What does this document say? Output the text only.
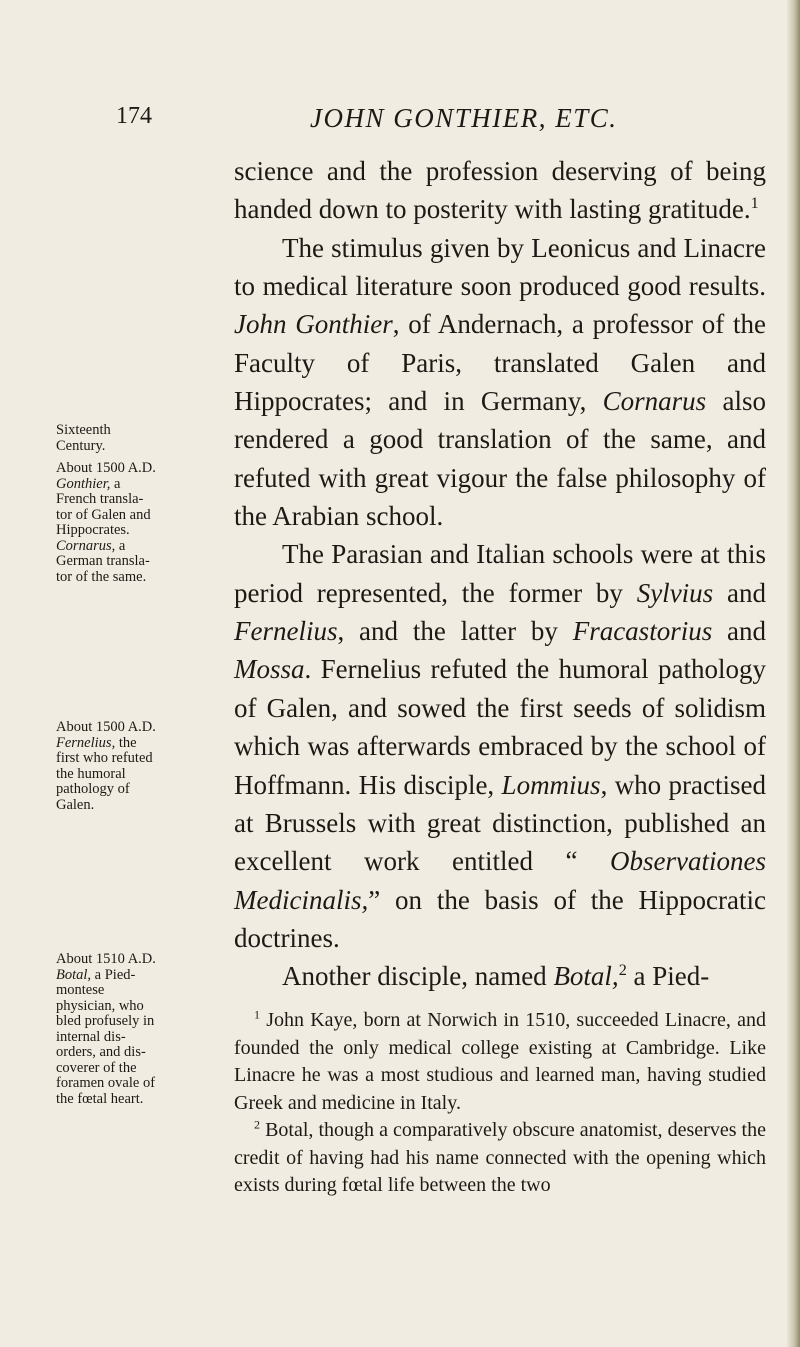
174	JOHN GONTHIER, ETC.
Sixteenth
Century.
About 1500 A.D.
Gonthier, a
French transla-
tor of Galen and
Hippocrates.
Cornarus, a
German transla-
tor of the same.
About 1500 A.D.
Fernelius, the
first who refuted
the humoral
pathology of
Galen.
About 1510 A.D.
Botal, a Pied-
montese
physician, who
bled profusely in
internal dis-
orders, and dis-
coverer of the
foramen ovale of
the fœtal heart.

science and the profession deserving of being handed down to posterity with lasting gratitude.$^1$

The stimulus given by Leonicus and Linacre to medical literature soon produced good results. John Gonthier, of Andernach, a professor of the Faculty of Paris, translated Galen and Hippocrates; and in Germany, Cornarus also rendered a good translation of the same, and refuted with great vigour the false philosophy of the Arabian school.

The Parasian and Italian schools were at this period represented, the former by Sylvius and Fernelius, and the latter by Fracastorius and Mossa. Fernelius refuted the humoral pathology of Galen, and sowed the first seeds of solidism which was afterwards embraced by the school of Hoffmann. His disciple, Lommius, who practised at Brussels with great distinction, published an excellent work entitled “ Observationes Medicinalis,” on the basis of the Hippocratic doctrines.

Another disciple, named Botal,$^2$ a Pied-

$^1$ John Kaye, born at Norwich in 1510, succeeded Linacre, and founded the only medical college existing at Cambridge. Like Linacre he was a most studious and learned man, having studied Greek and medicine in Italy.

$^2$ Botal, though a comparatively obscure anatomist, deserves the credit of having had his name connected with the opening which exists during fœtal life between the two
